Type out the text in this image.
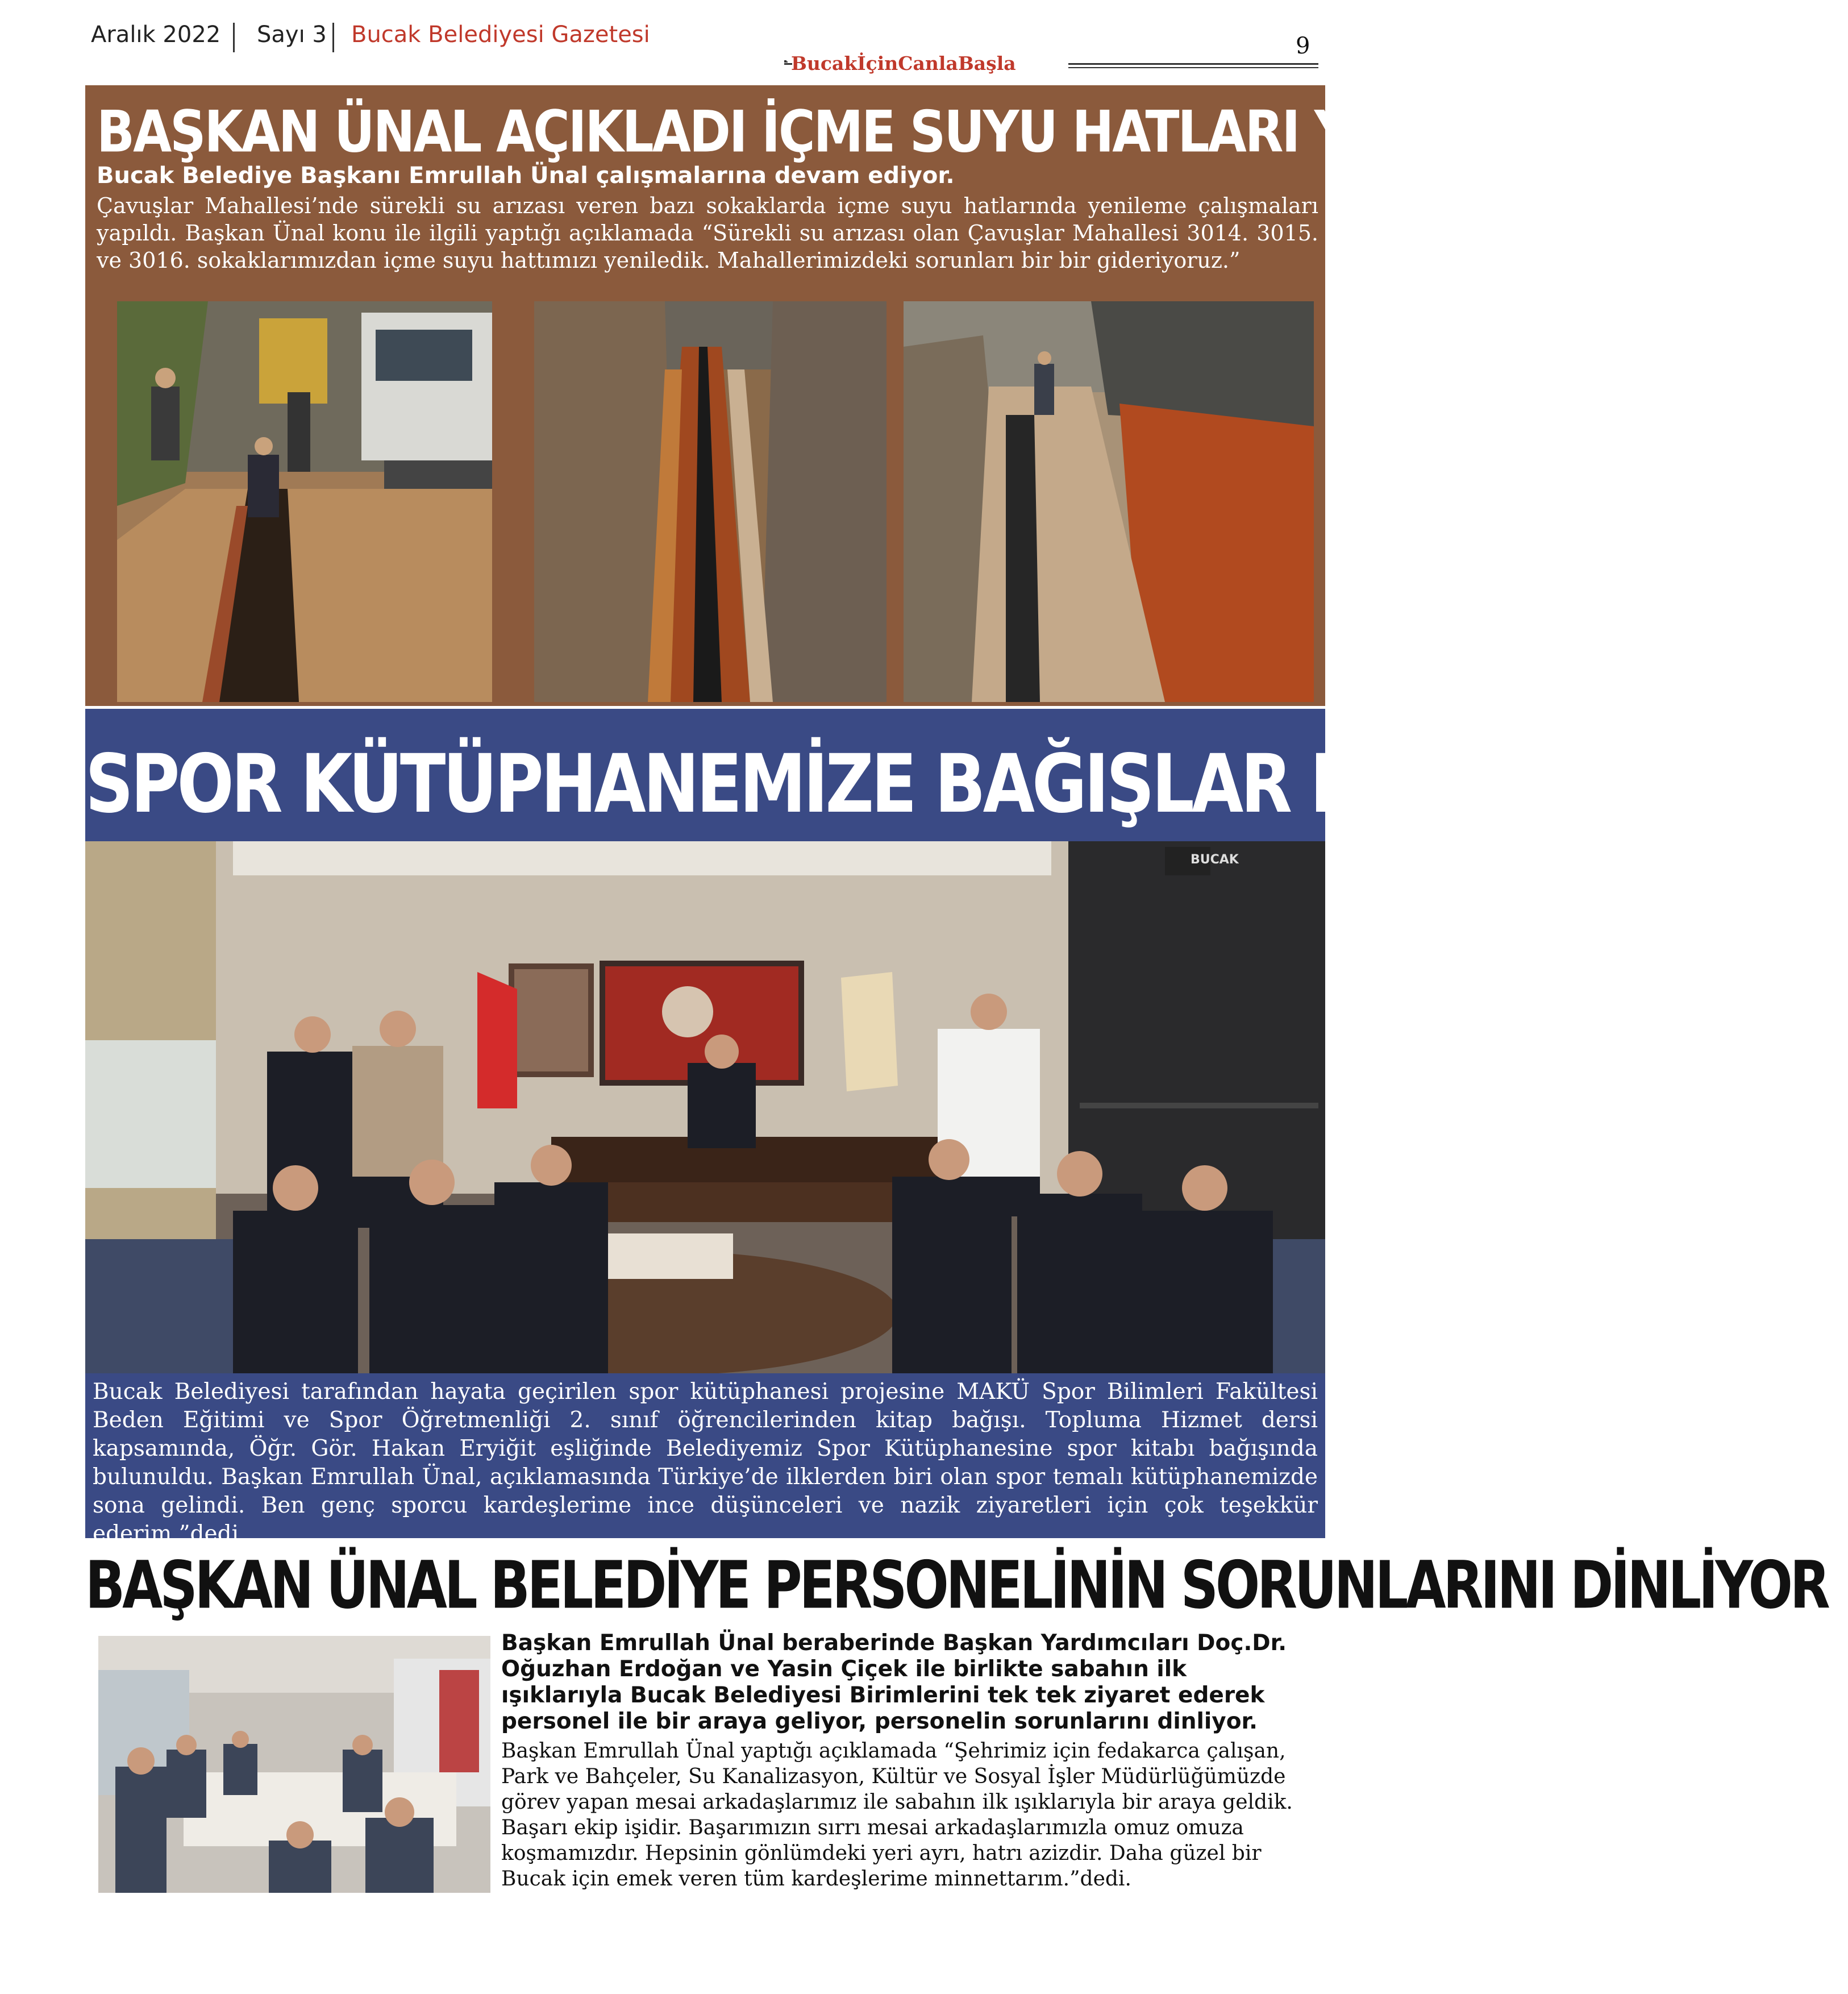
Aralık 2022 Sayı 3 Bucak Belediyesi Gazetesi	9
BucakİçinCanlaBaşla
BAŞKAN ÜNAL AÇIKLADI İÇME SUYU HATLARI YENİLENDİ
Bucak Belediye Başkanı Emrullah Ünal çalışmalarına devam ediyor.
Çavuşlar Mahallesi’nde sürekli su arızası veren bazı sokaklarda içme suyu hatlarında yenileme çalışmaları yapıldı. Başkan Ünal konu ile ilgili yaptığı açıklamada “Sürekli su arızası olan Çavuşlar Mahallesi 3014. 3015. ve 3016. sokaklarımızdan içme suyu hattımızı yeniledik. Mahallerimizdeki sorunları bir bir gideriyoruz.”
SPOR KÜTÜPHANEMİZE BAĞIŞLAR DEVAM EDİYOR
BUCAK
Bucak Belediyesi tarafından hayata geçirilen spor kütüphanesi projesine MAKÜ Spor Bilimleri Fakültesi Beden Eğitimi ve Spor Öğretmenliği 2. sınıf öğrencilerinden kitap bağışı. Topluma Hizmet dersi kapsamında, Öğr. Gör. Hakan Eryiğit eşliğinde Belediyemiz Spor Kütüphanesine spor kitabı bağışında bulunuldu. Başkan Emrullah Ünal, açıklamasında Türkiye’de ilklerden biri olan spor temalı kütüphanemizde sona gelindi. Ben genç sporcu kardeşlerime ince düşünceleri ve nazik ziyaretleri için çok teşekkür ederim.”dedi.
BAŞKAN ÜNAL BELEDİYE PERSONELİNİN SORUNLARINI DİNLİYOR
Başkan Emrullah Ünal beraberinde Başkan Yardımcıları Doç.Dr. Oğuzhan Erdoğan ve Yasin Çiçek ile birlikte sabahın ilk ışıklarıyla Bucak Belediyesi Birimlerini tek tek ziyaret ederek personel ile bir araya geliyor, personelin sorunlarını dinliyor.
Başkan Emrullah Ünal yaptığı açıklamada “Şehrimiz için fedakarca çalışan, Park ve Bahçeler, Su Kanalizasyon, Kültür ve Sosyal İşler Müdürlüğümüzde görev yapan mesai arkadaşlarımız ile sabahın ilk ışıklarıyla bir araya geldik. Başarı ekip işidir. Başarımızın sırrı mesai arkadaşlarımızla omuz omuza koşmamızdır. Hepsinin gönlümdeki yeri ayrı, hatrı azizdir. Daha güzel bir Bucak için emek veren tüm kardeşlerime minnettarım.”dedi.
